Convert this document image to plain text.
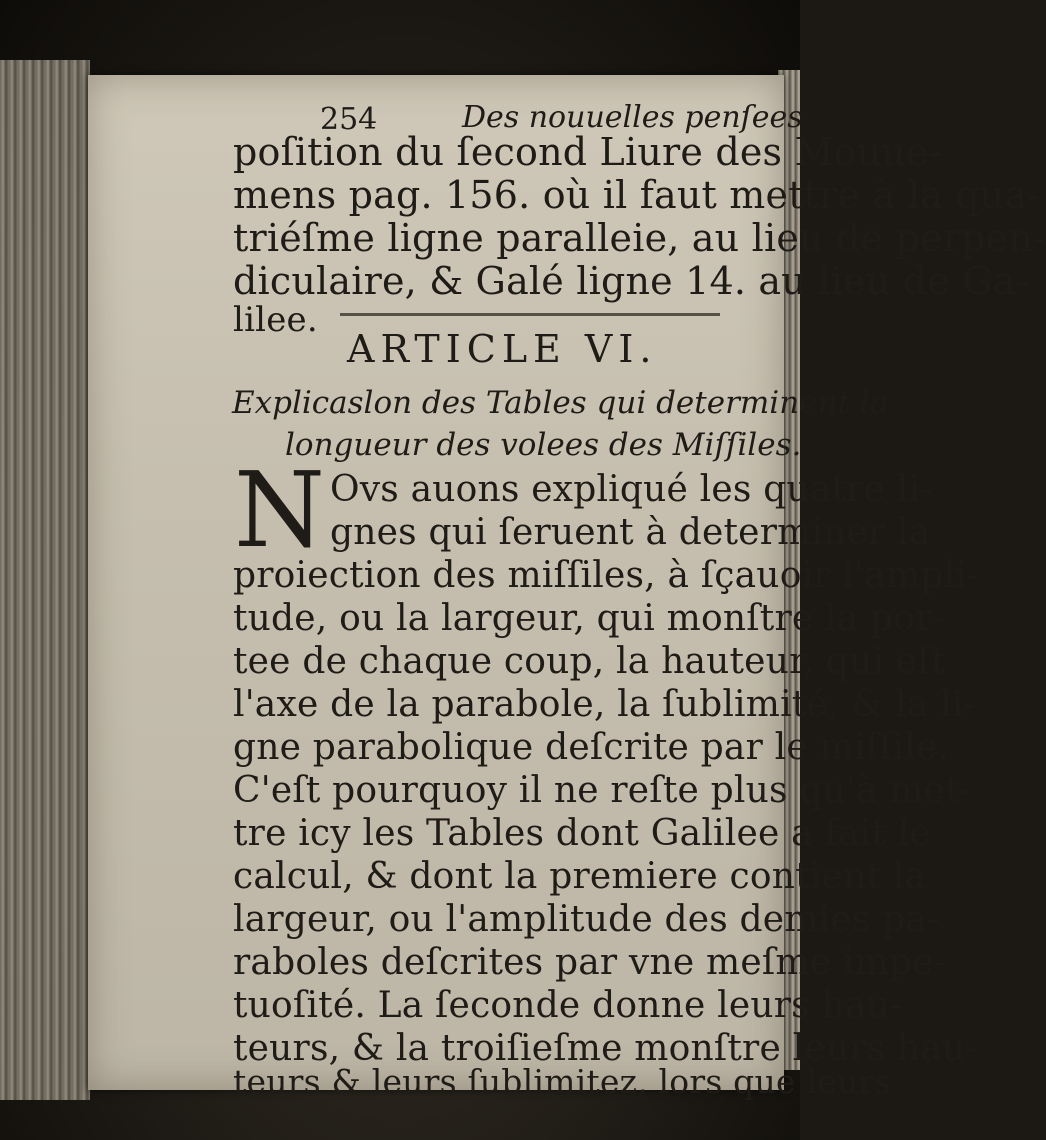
254	Des nouuelles penſees
poſition du ſecond Liure des Mouue-
mens pag. 156. où il faut mettre à la qua-
triéſme ligne paralleie, au lieu de perpen-
diculaire, & Galé ligne 14. au lieu de Ga-
lilee.
ARTICLE VI.
Explicaslon des Tables qui determinent la
longueur des volees des Miſſiles.
N Ovs auons expliqué les quatre li-
gnes qui ſeruent à determiner la
proiection des miſſiles, à ſçauoir l'ampli-
tude, ou la largeur, qui monſtre la por-
tee de chaque coup, la hauteur, qui eſt
l'axe de la parabole, la ſublimité, & la li-
gne parabolique deſcrite par le miſſile.
C'eſt pourquoy il ne reſte plus qu'à met-
tre icy les Tables dont Galilee a fait le
calcul, & dont la premiere contient la
largeur, ou l'amplitude des demies pa-
raboles deſcrites par vne meſme impe-
tuoſité. La ſeconde donne leurs hau-
teurs, & la troiſieſme monſtre leurs hau-
teurs & leurs ſublimitez, lors que leurs
